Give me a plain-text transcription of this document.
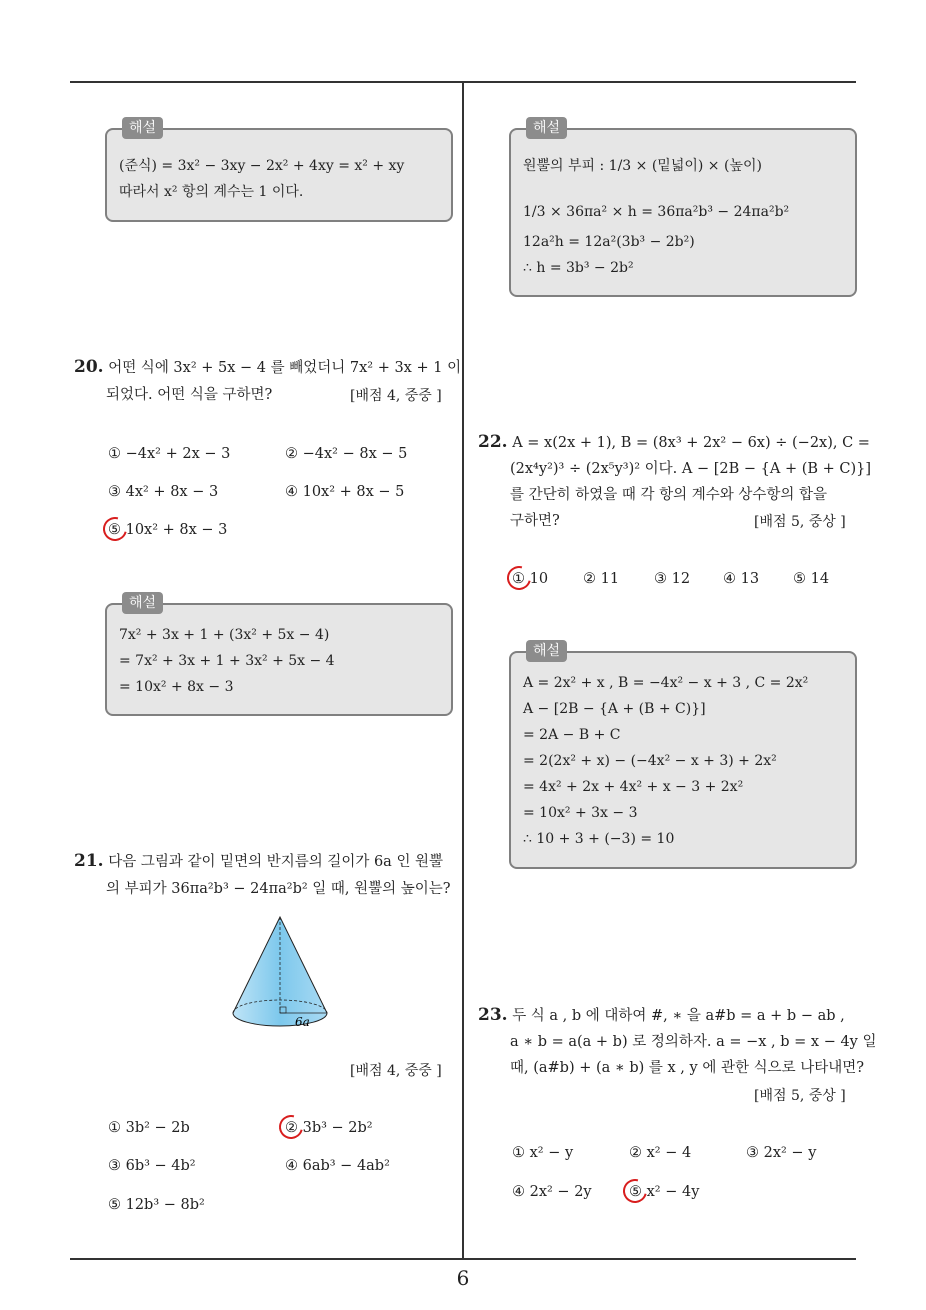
해설
(준식) = 3x² − 3xy − 2x² + 4xy = x² + xy
따라서 x² 항의 계수는 1 이다.
20. 어떤 식에 3x² + 5x − 4 를 빼었더니 7x² + 3x + 1 이
되었다. 어떤 식을 구하면?	[배점 4, 중중 ]
① −4x² + 2x − 3	② −4x² − 8x − 5
③ 4x² + 8x − 3	④ 10x² + 8x − 5
⑤ 10x² + 8x − 3
해설
7x² + 3x + 1 + (3x² + 5x − 4)
= 7x² + 3x + 1 + 3x² + 5x − 4
= 10x² + 8x − 3
21. 다음 그림과 같이 밑면의 반지름의 길이가 6a 인 원뿔
의 부피가 36πa²b³ − 24πa²b² 일 때, 원뿔의 높이는?
6a
[배점 4, 중중 ]
① 3b² − 2b	② 3b³ − 2b²
③ 6b³ − 4b²	④ 6ab³ − 4ab²
⑤ 12b³ − 8b²
해설
원뿔의 부피 : 1/3 × (밑넓이) × (높이)
1/3 × 36πa² × h = 36πa²b³ − 24πa²b²
12a²h = 12a²(3b³ − 2b²)
∴ h = 3b³ − 2b²
22. A = x(2x + 1), B = (8x³ + 2x² − 6x) ÷ (−2x), C =
(2x⁴y²)³ ÷ (2x⁵y³)² 이다. A − [2B − {A + (B + C)}]
를 간단히 하였을 때 각 항의 계수와 상수항의 합을
구하면?	[배점 5, 중상 ]
① 10 ② 11 ③ 12 ④ 13 ⑤ 14
해설
A = 2x² + x , B = −4x² − x + 3 , C = 2x²
A − [2B − {A + (B + C)}]
= 2A − B + C
= 2(2x² + x) − (−4x² − x + 3) + 2x²
= 4x² + 2x + 4x² + x − 3 + 2x²
= 10x² + 3x − 3
∴ 10 + 3 + (−3) = 10
23. 두 식 a , b 에 대하여 #, ∗ 을 a#b = a + b − ab ,
a ∗ b = a(a + b) 로 정의하자. a = −x , b = x − 4y 일
때, (a#b) + (a ∗ b) 를 x , y 에 관한 식으로 나타내면?
[배점 5, 중상 ]
① x² − y	② x² − 4	③ 2x² − y
④ 2x² − 2y	⑤ x² − 4y
6
